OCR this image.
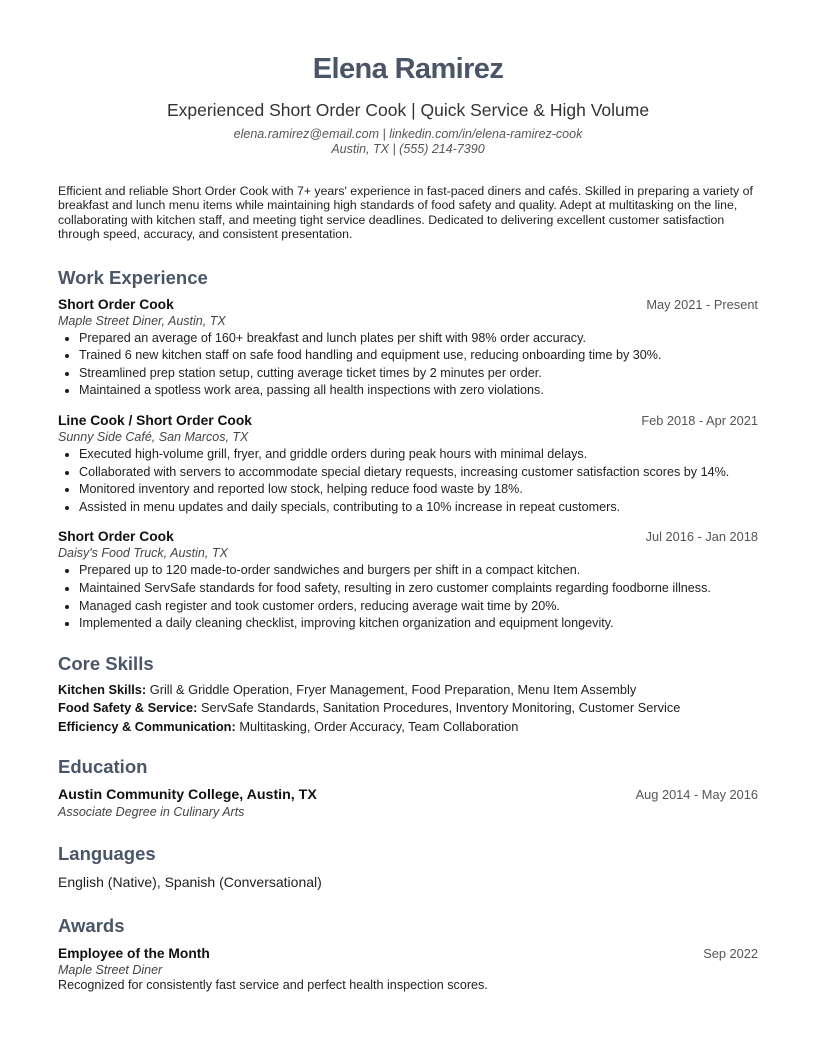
Elena Ramirez
Experienced Short Order Cook | Quick Service & High Volume
elena.ramirez@email.com | linkedin.com/in/elena-ramirez-cook
Austin, TX | (555) 214-7390
Efficient and reliable Short Order Cook with 7+ years' experience in fast-paced diners and cafés. Skilled in preparing a variety of breakfast and lunch menu items while maintaining high standards of food safety and quality. Adept at multitasking on the line, collaborating with kitchen staff, and meeting tight service deadlines. Dedicated to delivering excellent customer satisfaction through speed, accuracy, and consistent presentation.
Work Experience
Short Order Cook	May 2021 - Present
Maple Street Diner, Austin, TX
• Prepared an average of 160+ breakfast and lunch plates per shift with 98% order accuracy.
• Trained 6 new kitchen staff on safe food handling and equipment use, reducing onboarding time by 30%.
• Streamlined prep station setup, cutting average ticket times by 2 minutes per order.
• Maintained a spotless work area, passing all health inspections with zero violations.
Line Cook / Short Order Cook	Feb 2018 - Apr 2021
Sunny Side Café, San Marcos, TX
• Executed high-volume grill, fryer, and griddle orders during peak hours with minimal delays.
• Collaborated with servers to accommodate special dietary requests, increasing customer satisfaction scores by 14%.
• Monitored inventory and reported low stock, helping reduce food waste by 18%.
• Assisted in menu updates and daily specials, contributing to a 10% increase in repeat customers.
Short Order Cook	Jul 2016 - Jan 2018
Daisy's Food Truck, Austin, TX
• Prepared up to 120 made-to-order sandwiches and burgers per shift in a compact kitchen.
• Maintained ServSafe standards for food safety, resulting in zero customer complaints regarding foodborne illness.
• Managed cash register and took customer orders, reducing average wait time by 20%.
• Implemented a daily cleaning checklist, improving kitchen organization and equipment longevity.
Core Skills
Kitchen Skills: Grill & Griddle Operation, Fryer Management, Food Preparation, Menu Item Assembly
Food Safety & Service: ServSafe Standards, Sanitation Procedures, Inventory Monitoring, Customer Service
Efficiency & Communication: Multitasking, Order Accuracy, Team Collaboration
Education
Austin Community College, Austin, TX	Aug 2014 - May 2016
Associate Degree in Culinary Arts
Languages
English (Native), Spanish (Conversational)
Awards
Employee of the Month	Sep 2022
Maple Street Diner
Recognized for consistently fast service and perfect health inspection scores.
